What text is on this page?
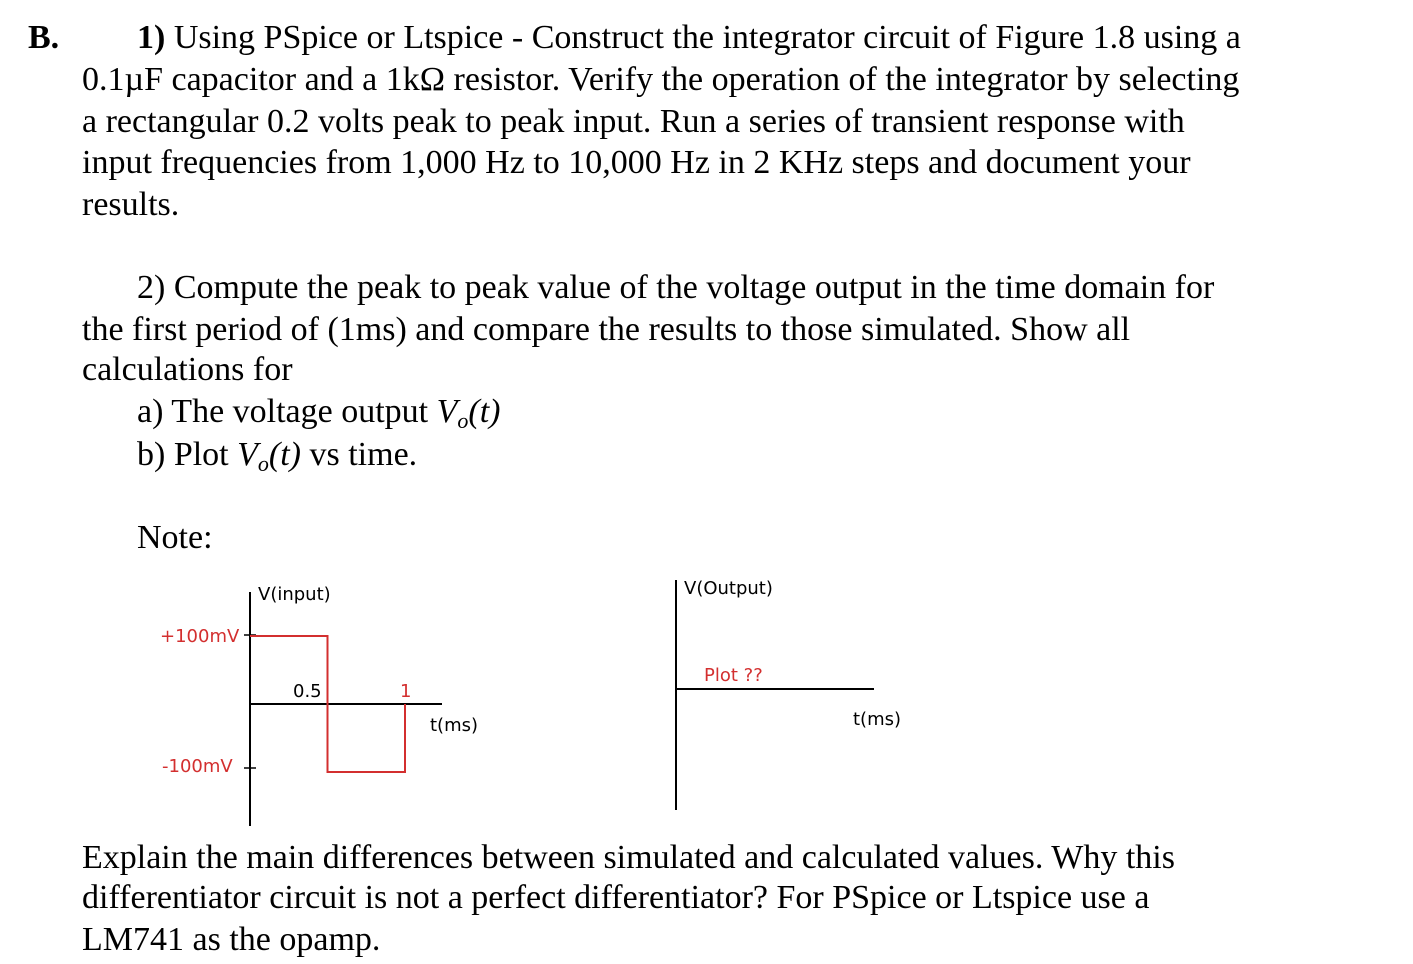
B. 1) Using PSpice or Ltspice - Construct the integrator circuit of Figure 1.8 using a
0.1µF capacitor and a 1kΩ resistor. Verify the operation of the integrator by selecting
a rectangular 0.2 volts peak to peak input. Run a series of transient response with
input frequencies from 1,000 Hz to 10,000 Hz in 2 KHz steps and document your
results.
2) Compute the peak to peak value of the voltage output in the time domain for
the first period of (1ms) and compare the results to those simulated. Show all
calculations for
a) The voltage output $V_o(t)$
b) Plot $V_o(t)$ vs time.
Note:
V(input)
+100mV
-100mV
0.5	1
t(ms)
V(Output)
Plot ??
t(ms)
Explain the main differences between simulated and calculated values. Why this
differentiator circuit is not a perfect differentiator? For PSpice or Ltspice use a
LM741 as the opamp.
